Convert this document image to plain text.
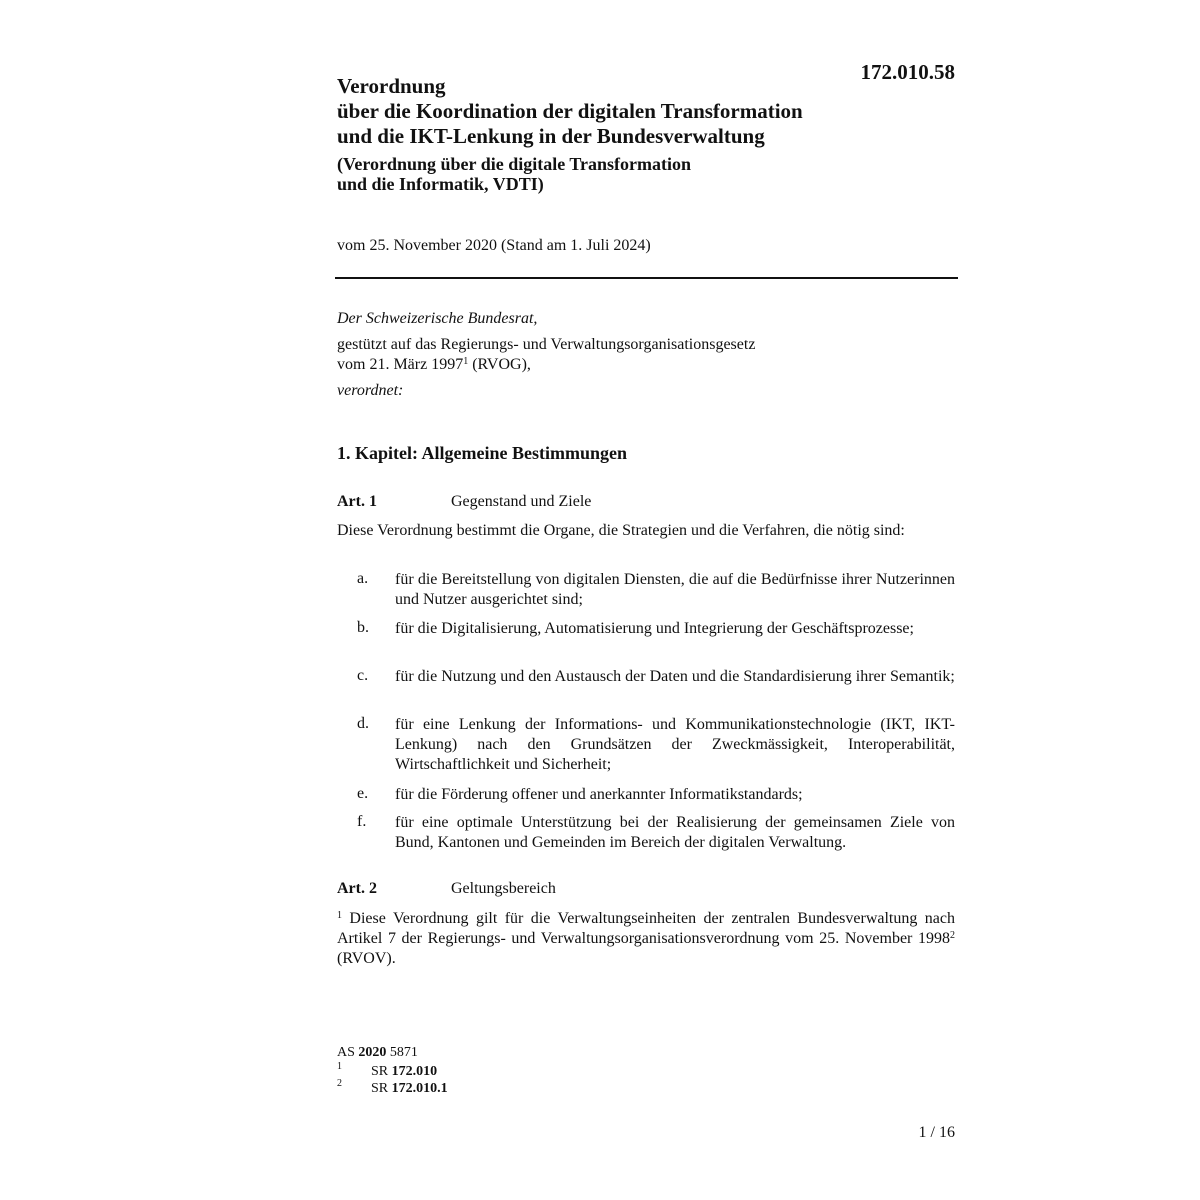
172.010.58
Verordnung
über die Koordination der digitalen Transformation
und die IKT-Lenkung in der Bundesverwaltung
(Verordnung über die digitale Transformation
und die Informatik, VDTI)
vom 25. November 2020 (Stand am 1. Juli 2024)
Der Schweizerische Bundesrat,
gestützt auf das Regierungs- und Verwaltungsorganisationsgesetz
vom 21. März 1997$^1$ (RVOG),
verordnet:
1. Kapitel: Allgemeine Bestimmungen
Art. 1	Gegenstand und Ziele
Diese Verordnung bestimmt die Organe, die Strategien und die Verfahren, die nötig sind:
a.	für die Bereitstellung von digitalen Diensten, die auf die Bedürfnisse ihrer Nutzerinnen und Nutzer ausgerichtet sind;
b.	für die Digitalisierung, Automatisierung und Integrierung der Geschäftsprozesse;
c.	für die Nutzung und den Austausch der Daten und die Standardisierung ihrer Semantik;
d.	für eine Lenkung der Informations- und Kommunikationstechnologie (IKT, IKT-Lenkung) nach den Grundsätzen der Zweckmässigkeit, Interoperabilität, Wirtschaftlichkeit und Sicherheit;
e.	für die Förderung offener und anerkannter Informatikstandards;
f.	für eine optimale Unterstützung bei der Realisierung der gemeinsamen Ziele von Bund, Kantonen und Gemeinden im Bereich der digitalen Verwaltung.
Art. 2	Geltungsbereich
$^1$ Diese Verordnung gilt für die Verwaltungseinheiten der zentralen Bundesverwaltung nach Artikel 7 der Regierungs- und Verwaltungsorganisationsverordnung vom 25. November 1998$^2$ (RVOV).
AS 2020 5871
$^1$ SR 172.010
$^2$ SR 172.010.1
1 / 16
